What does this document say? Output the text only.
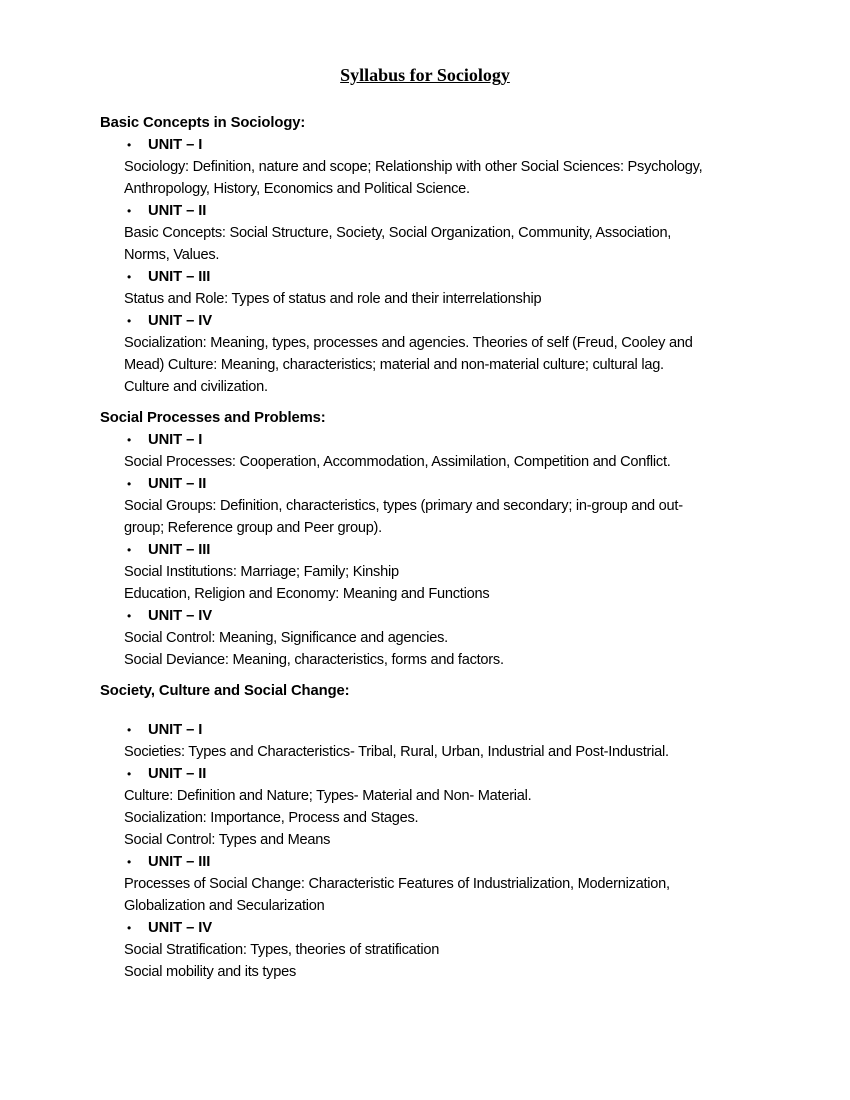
Syllabus for Sociology
Basic Concepts in Sociology:
•	UNIT – I
Sociology: Definition, nature and scope; Relationship with other Social Sciences: Psychology,
Anthropology, History, Economics and Political Science.
•	UNIT – II
Basic Concepts: Social Structure, Society, Social Organization, Community, Association,
Norms, Values.
•	UNIT – III
Status and Role: Types of status and role and their interrelationship
•	UNIT – IV
Socialization: Meaning, types, processes and agencies. Theories of self (Freud, Cooley and
Mead) Culture: Meaning, characteristics; material and non-material culture; cultural lag.
Culture and civilization.
Social Processes and Problems:
•	UNIT – I
Social Processes: Cooperation, Accommodation, Assimilation, Competition and Conflict.
•	UNIT – II
Social Groups: Definition, characteristics, types (primary and secondary; in-group and out-
group; Reference group and Peer group).
•	UNIT – III
Social Institutions: Marriage; Family; Kinship
Education, Religion and Economy: Meaning and Functions
•	UNIT – IV
Social Control: Meaning, Significance and agencies.
Social Deviance: Meaning, characteristics, forms and factors.
Society, Culture and Social Change:
•	UNIT – I
Societies: Types and Characteristics- Tribal, Rural, Urban, Industrial and Post-Industrial.
•	UNIT – II
Culture: Definition and Nature; Types- Material and Non- Material.
Socialization: Importance, Process and Stages.
Social Control: Types and Means
•	UNIT – III
Processes of Social Change: Characteristic Features of Industrialization, Modernization,
Globalization and Secularization
•	UNIT – IV
Social Stratification: Types, theories of stratification
Social mobility and its types
